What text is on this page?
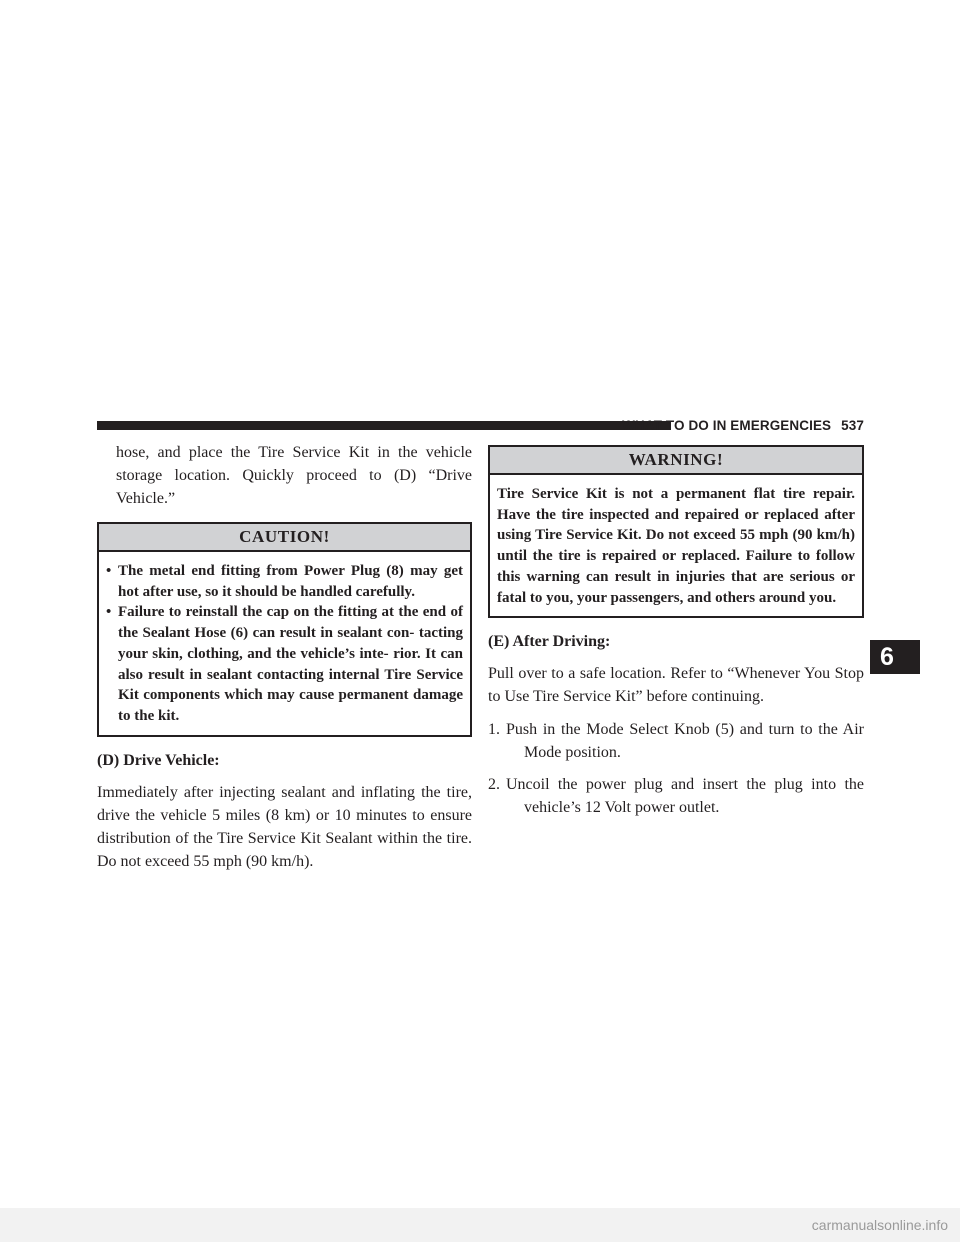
WHAT TO DO IN EMERGENCIES 537

hose, and place the Tire Service Kit in the vehicle storage location. Quickly proceed to (D) “Drive Vehicle.”

CAUTION!
• The metal end fitting from Power Plug (8) may get hot after use, so it should be handled carefully.
• Failure to reinstall the cap on the fitting at the end of the Sealant Hose (6) can result in sealant con- tacting your skin, clothing, and the vehicle’s inte- rior. It can also result in sealant contacting internal Tire Service Kit components which may cause permanent damage to the kit.
(D) Drive Vehicle:

Immediately after injecting sealant and inflating the tire, drive the vehicle 5 miles (8 km) or 10 minutes to ensure distribution of the Tire Service Kit Sealant within the tire. Do not exceed 55 mph (90 km/h).

WARNING!
Tire Service Kit is not a permanent flat tire repair. Have the tire inspected and repaired or replaced after using Tire Service Kit. Do not exceed 55 mph (90 km/h) until the tire is repaired or replaced. Failure to follow this warning can result in injuries that are serious or fatal to you, your passengers, and others around you.
(E) After Driving:

Pull over to a safe location. Refer to “Whenever You Stop to Use Tire Service Kit” before continuing.

1. Push in the Mode Select Knob (5) and turn to the Air
Mode position.
2. Uncoil the power plug and insert the plug into the
vehicle’s 12 Volt power outlet.
6
carmanualsonline.info
